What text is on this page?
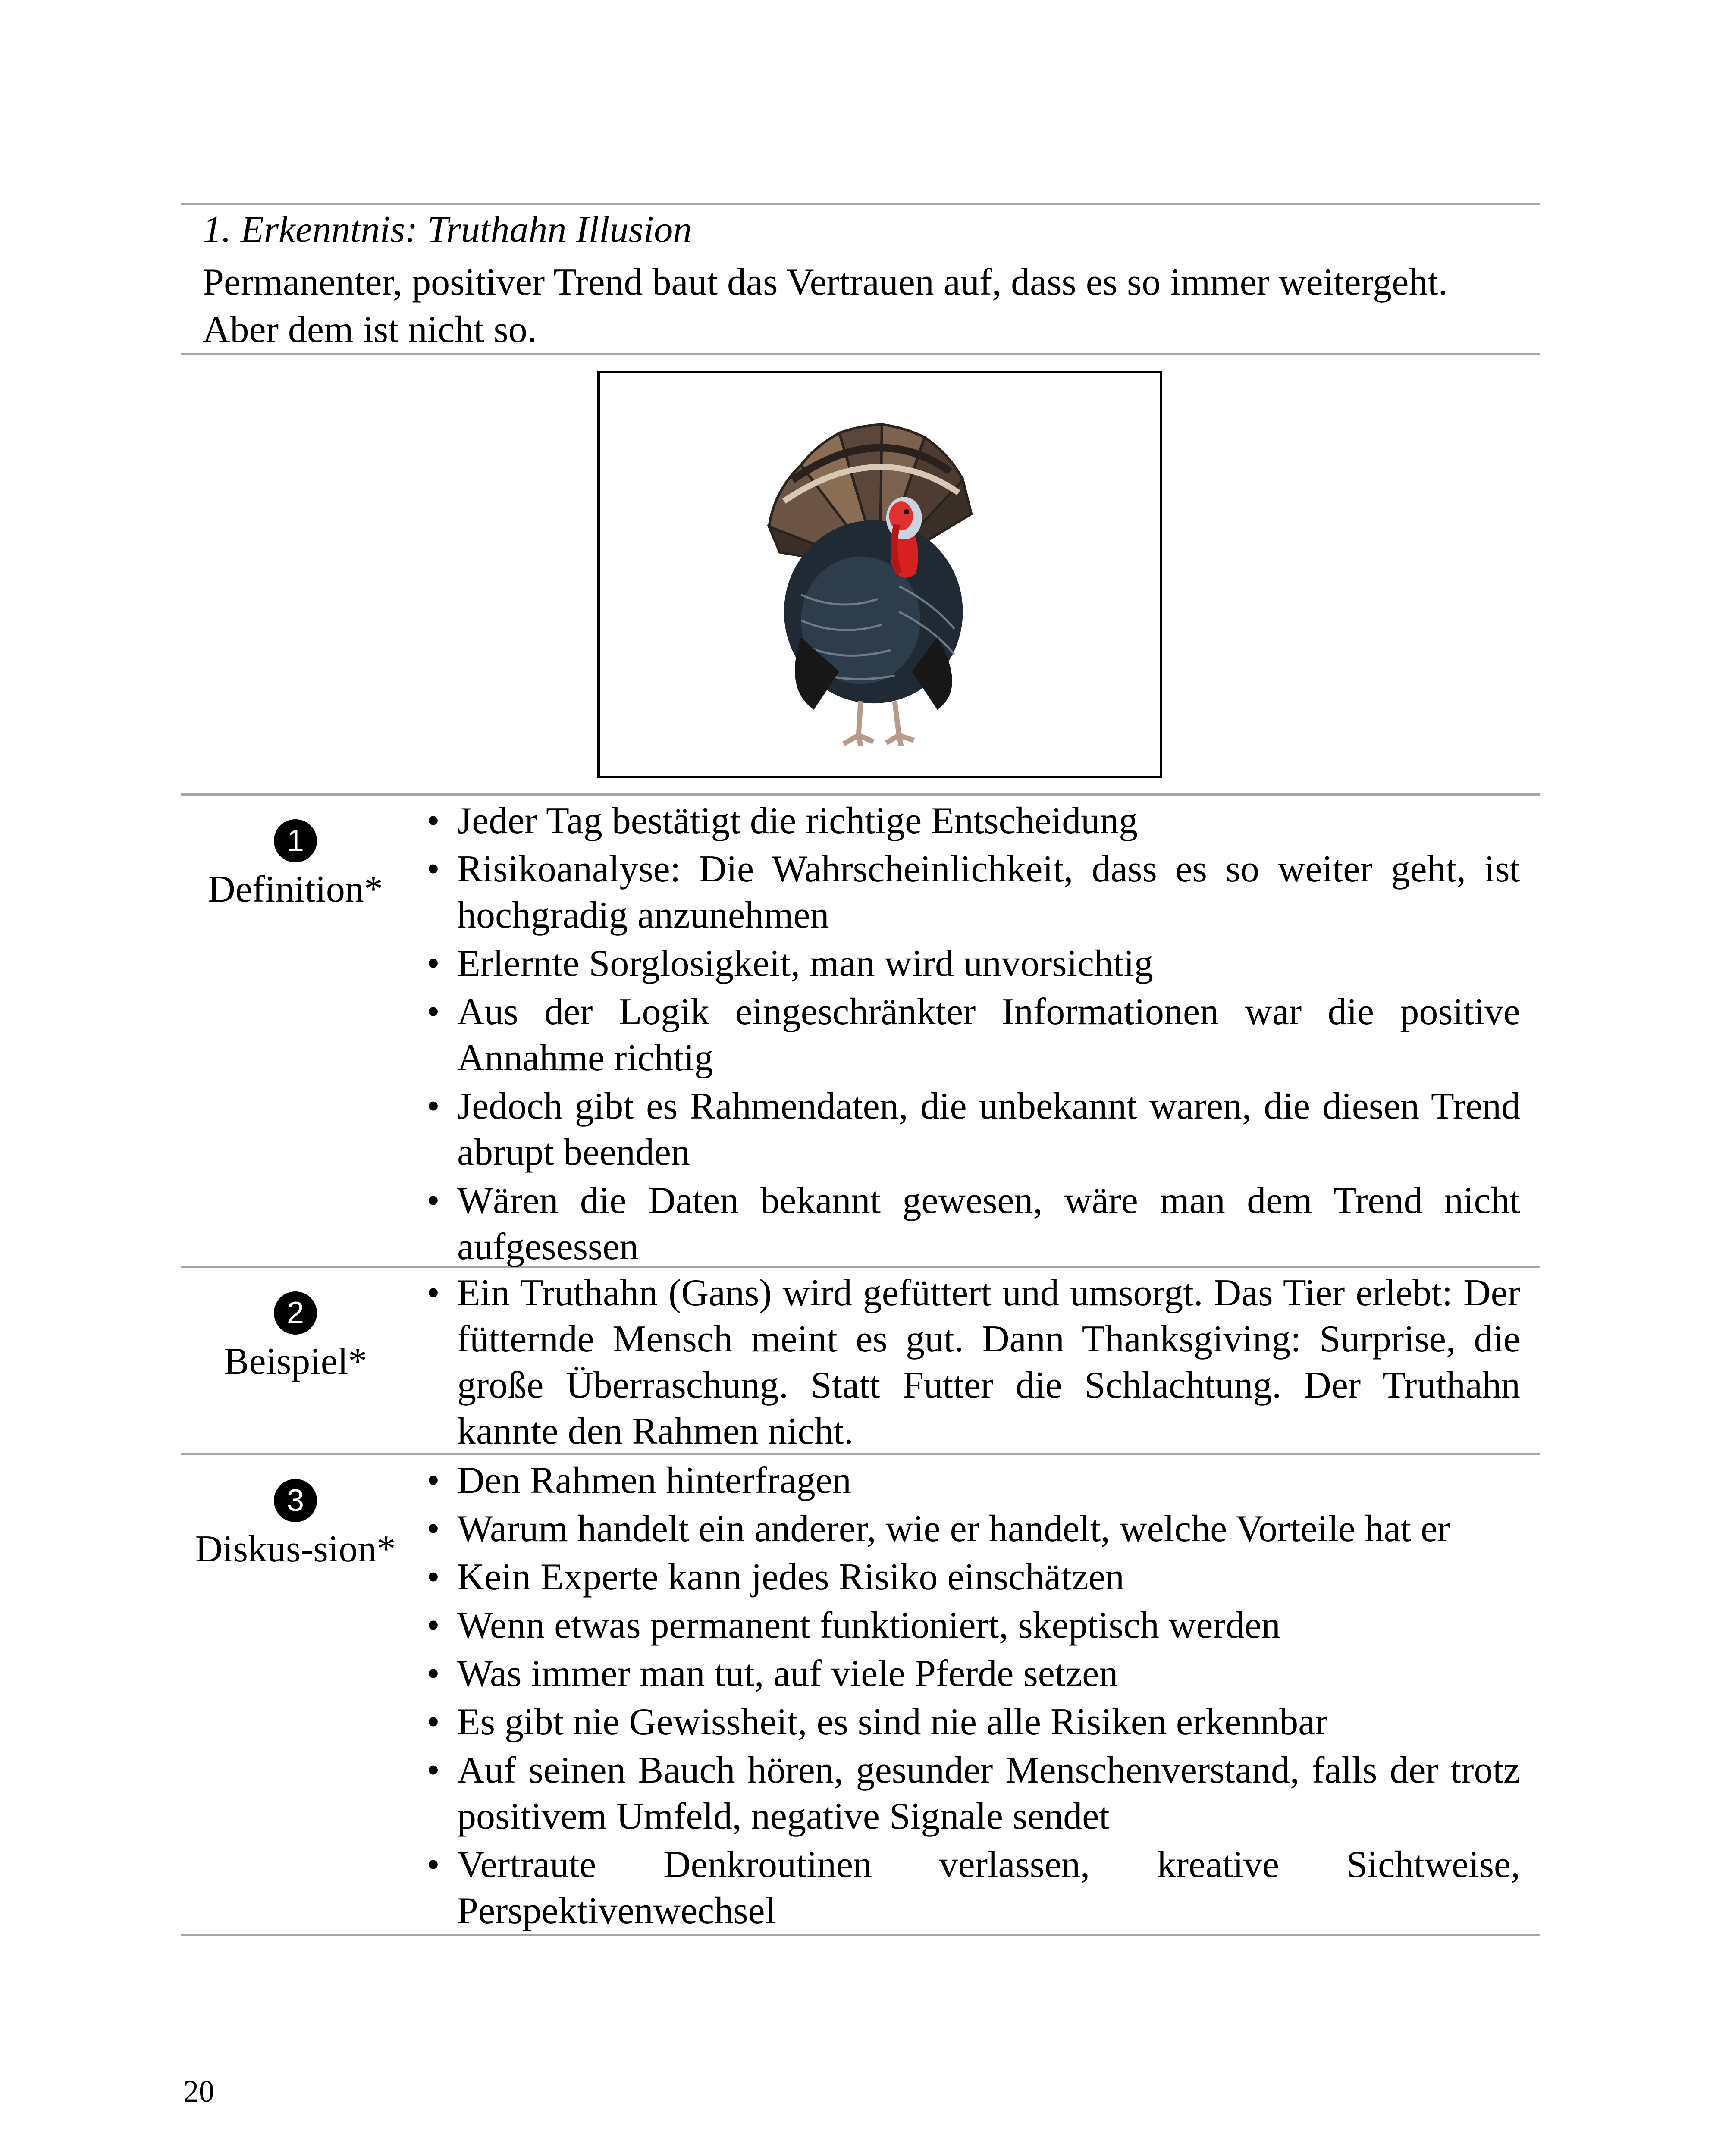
1. Erkenntnis: Truthahn Illusion
Permanenter, positiver Trend baut das Vertrauen auf, dass es so immer weitergeht. Aber dem ist nicht so.
1
Definition*
• Jeder Tag bestätigt die richtige Entscheidung
• Risikoanalyse: Die Wahrscheinlichkeit, dass es so weiter geht, ist hochgradig anzunehmen
• Erlernte Sorglosigkeit, man wird unvorsichtig
• Aus der Logik eingeschränkter Informationen war die positive Annahme richtig
• Jedoch gibt es Rahmendaten, die unbekannt waren, die diesen Trend abrupt beenden
• Wären die Daten bekannt gewesen, wäre man dem Trend nicht aufgesessen
2
Beispiel*
• Ein Truthahn (Gans) wird gefüttert und umsorgt. Das Tier erlebt: Der fütternde Mensch meint es gut. Dann Thanksgiving: Surprise, die große Überraschung. Statt Futter die Schlachtung. Der Truthahn kannte den Rahmen nicht.
3
Diskus-sion*
• Den Rahmen hinterfragen
• Warum handelt ein anderer, wie er handelt, welche Vorteile hat er
• Kein Experte kann jedes Risiko einschätzen
• Wenn etwas permanent funktioniert, skeptisch werden
• Was immer man tut, auf viele Pferde setzen
• Es gibt nie Gewissheit, es sind nie alle Risiken erkennbar
• Auf seinen Bauch hören, gesunder Menschenverstand, falls der trotz positivem Umfeld, negative Signale sendet
• Vertraute Denkroutinen verlassen, kreative Sichtweise, Perspektivenwechsel
20
